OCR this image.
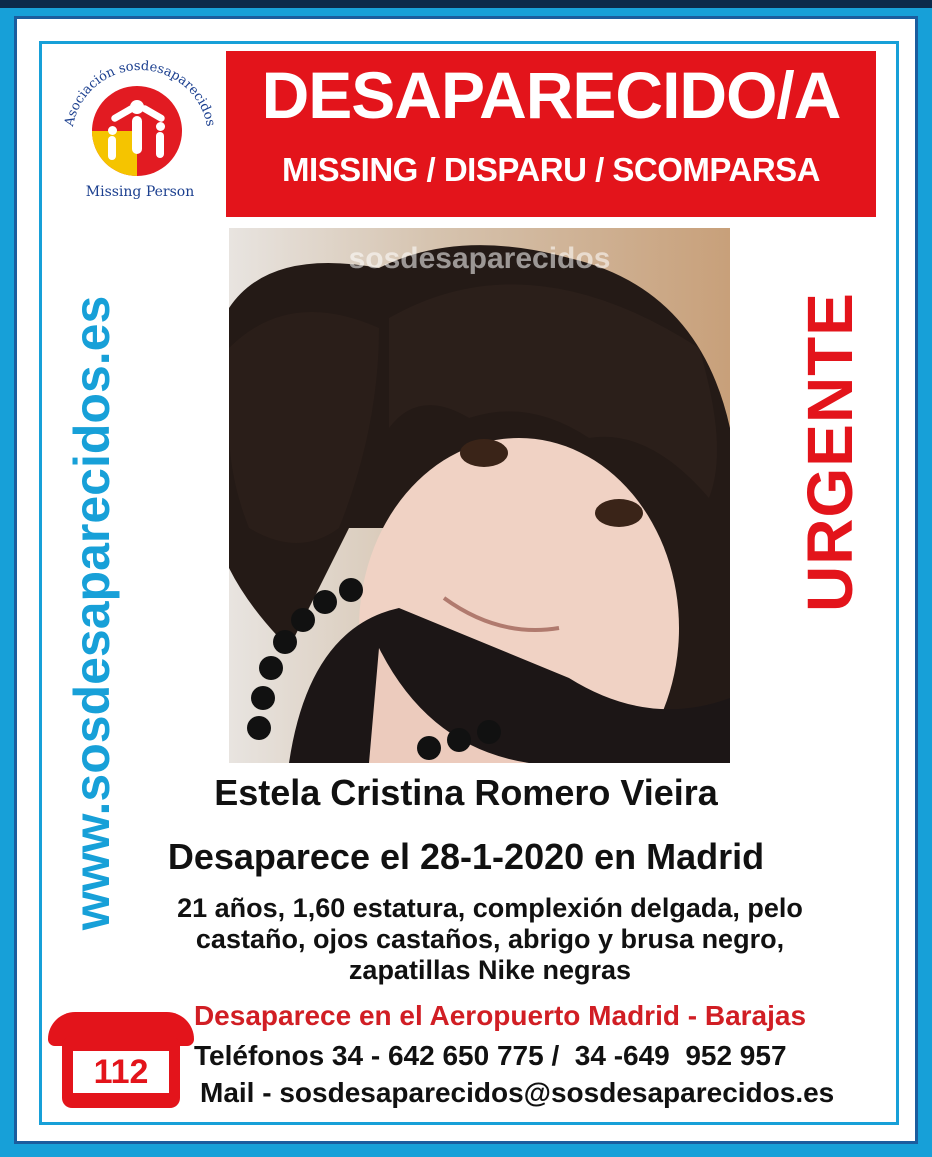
Asociación sosdesaparecidos
Missing Person
DESAPARECIDO/A
MISSING / DISPARU / SCOMPARSA
www.sosdesaparecidos.es	URGENTE
sosdesaparecidos
Estela Cristina Romero Vieira
Desaparece el 28-1-2020 en Madrid
21 años, 1,60 estatura, complexión delgada, pelo
castaño, ojos castaños, abrigo y brusa negro,
zapatillas Nike negras
Desaparece en el Aeropuerto Madrid - Barajas
112	Teléfonos 34 - 642 650 775 /  34 -649  952 957
Mail - sosdesaparecidos@sosdesaparecidos.es
